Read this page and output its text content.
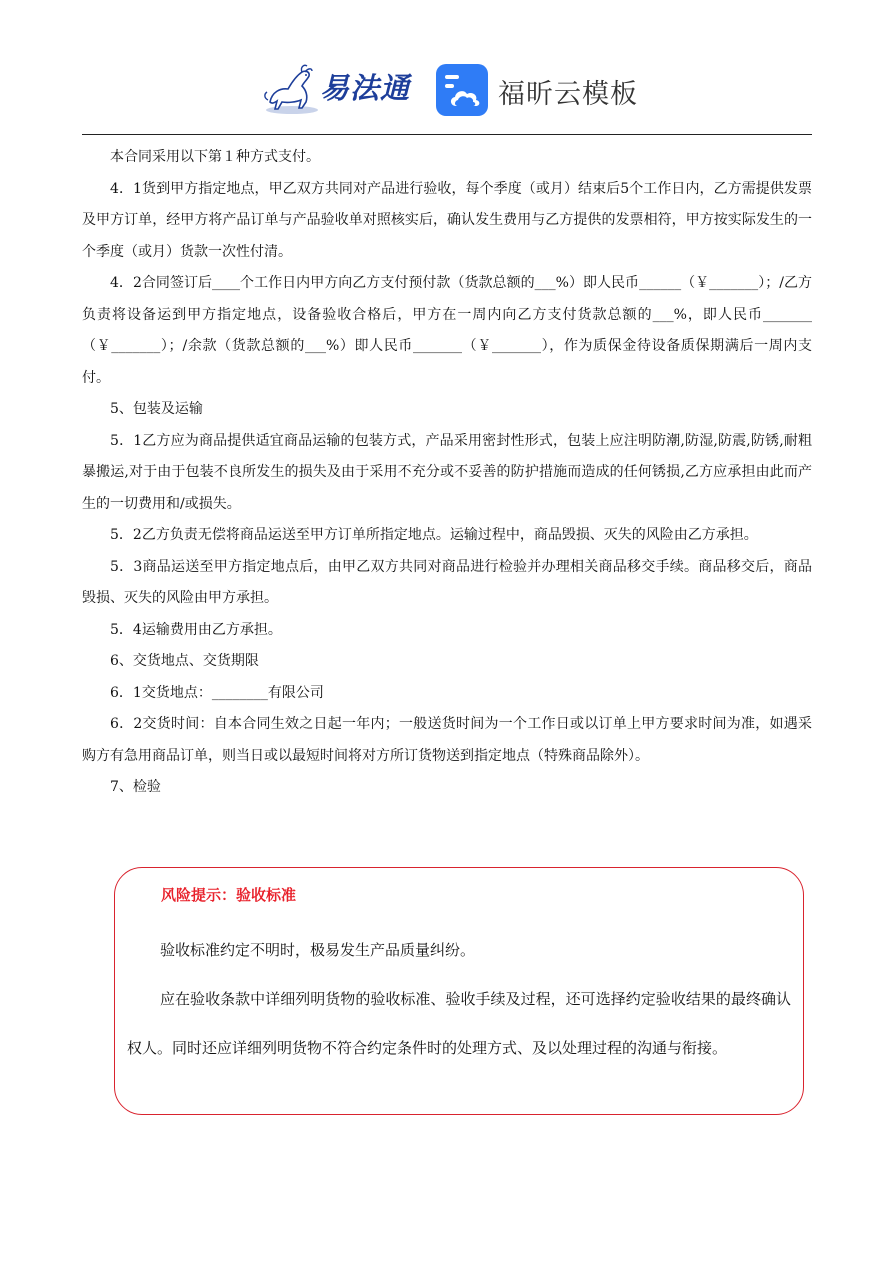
易法通	福昕云模板

本合同采用以下第１种方式支付。

4．1货到甲方指定地点，甲乙双方共同对产品进行验收，每个季度（或月）结束后5个工作日内，乙方需提供发票及甲方订单，经甲方将产品订单与产品验收单对照核实后，确认发生费用与乙方提供的发票相符，甲方按实际发生的一个季度（或月）货款一次性付清。

4．2合同签订后____个工作日内甲方向乙方支付预付款（货款总额的___%）即人民币______（￥_______）；/乙方负责将设备运到甲方指定地点，设备验收合格后，甲方在一周内向乙方支付货款总额的___%，即人民币_______（￥_______）；/余款（货款总额的___%）即人民币_______（￥_______），作为质保金待设备质保期满后一周内支付。

5、包装及运输

5．1乙方应为商品提供适宜商品运输的包装方式，产品采用密封性形式，包装上应注明防潮,防湿,防震,防锈,耐粗暴搬运,对于由于包装不良所发生的损失及由于采用不充分或不妥善的防护措施而造成的任何锈损,乙方应承担由此而产生的一切费用和/或损失。

5．2乙方负责无偿将商品运送至甲方订单所指定地点。运输过程中，商品毁损、灭失的风险由乙方承担。

5．3商品运送至甲方指定地点后，由甲乙双方共同对商品进行检验并办理相关商品移交手续。商品移交后，商品毁损、灭失的风险由甲方承担。

5．4运输费用由乙方承担。

6、交货地点、交货期限

6．1交货地点：________有限公司

6．2交货时间：自本合同生效之日起一年内；一般送货时间为一个工作日或以订单上甲方要求时间为准，如遇采购方有急用商品订单，则当日或以最短时间将对方所订货物送到指定地点（特殊商品除外）。

7、检验

风险提示：验收标准

验收标准约定不明时，极易发生产品质量纠纷。

应在验收条款中详细列明货物的验收标准、验收手续及过程，还可选择约定验收结果的最终确认权人。同时还应详细列明货物不符合约定条件时的处理方式、及以处理过程的沟通与衔接。
